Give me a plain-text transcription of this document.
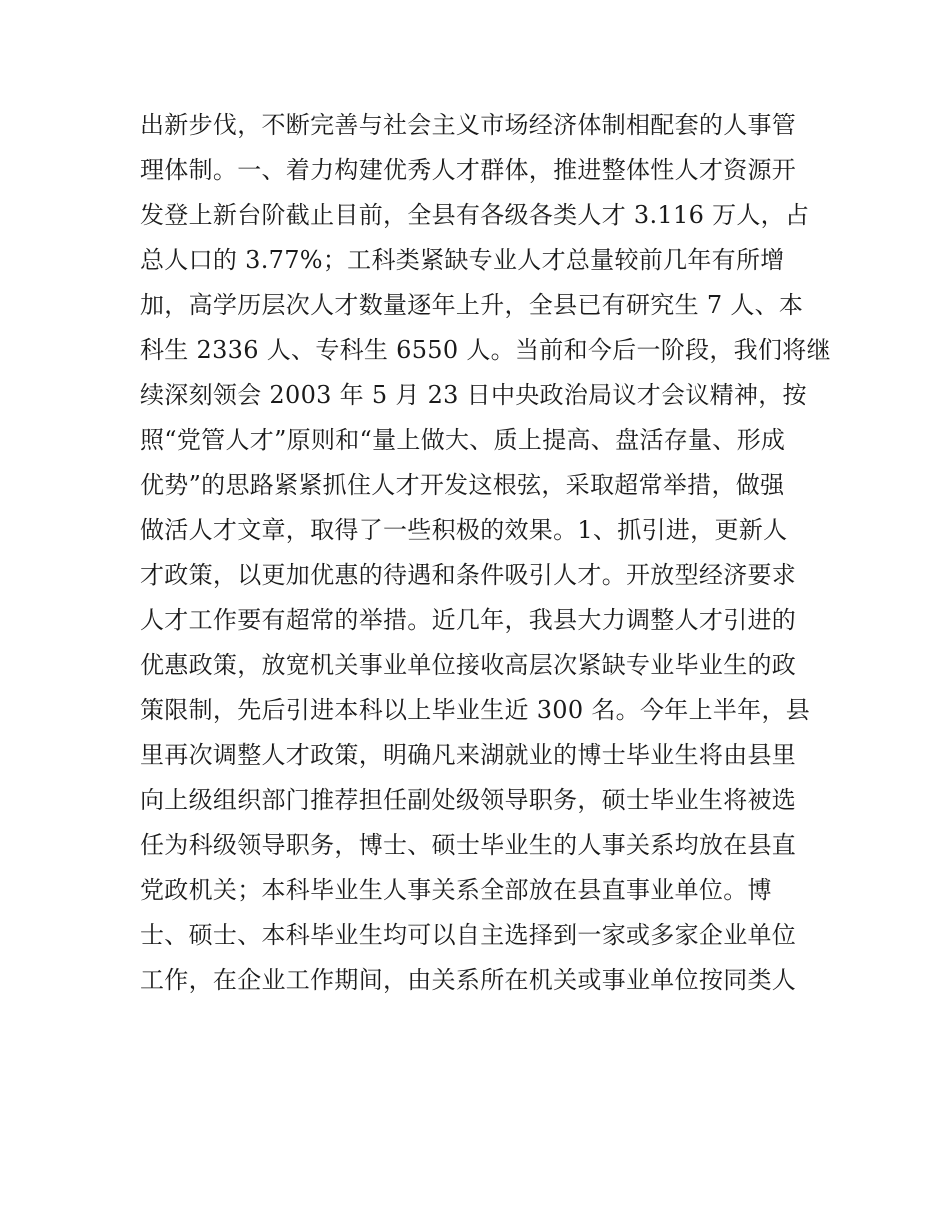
出新步伐，不断完善与社会主义市场经济体制相配套的人事管
理体制。一、着力构建优秀人才群体，推进整体性人才资源开
发登上新台阶截止目前，全县有各级各类人才 3.116 万人，占
总人口的 3.77%；工科类紧缺专业人才总量较前几年有所增
加，高学历层次人才数量逐年上升，全县已有研究生 7 人、本
科生 2336 人、专科生 6550 人。当前和今后一阶段，我们将继
续深刻领会 2003 年 5 月 23 日中央政治局议才会议精神，按
照“党管人才”原则和“量上做大、质上提高、盘活存量、形成
优势”的思路紧紧抓住人才开发这根弦，采取超常举措，做强
做活人才文章，取得了一些积极的效果。1、抓引进，更新人
才政策，以更加优惠的待遇和条件吸引人才。开放型经济要求
人才工作要有超常的举措。近几年，我县大力调整人才引进的
优惠政策，放宽机关事业单位接收高层次紧缺专业毕业生的政
策限制，先后引进本科以上毕业生近 300 名。今年上半年，县
里再次调整人才政策，明确凡来湖就业的博士毕业生将由县里
向上级组织部门推荐担任副处级领导职务，硕士毕业生将被选
任为科级领导职务，博士、硕士毕业生的人事关系均放在县直
党政机关；本科毕业生人事关系全部放在县直事业单位。博
士、硕士、本科毕业生均可以自主选择到一家或多家企业单位
工作，在企业工作期间，由关系所在机关或事业单位按同类人
